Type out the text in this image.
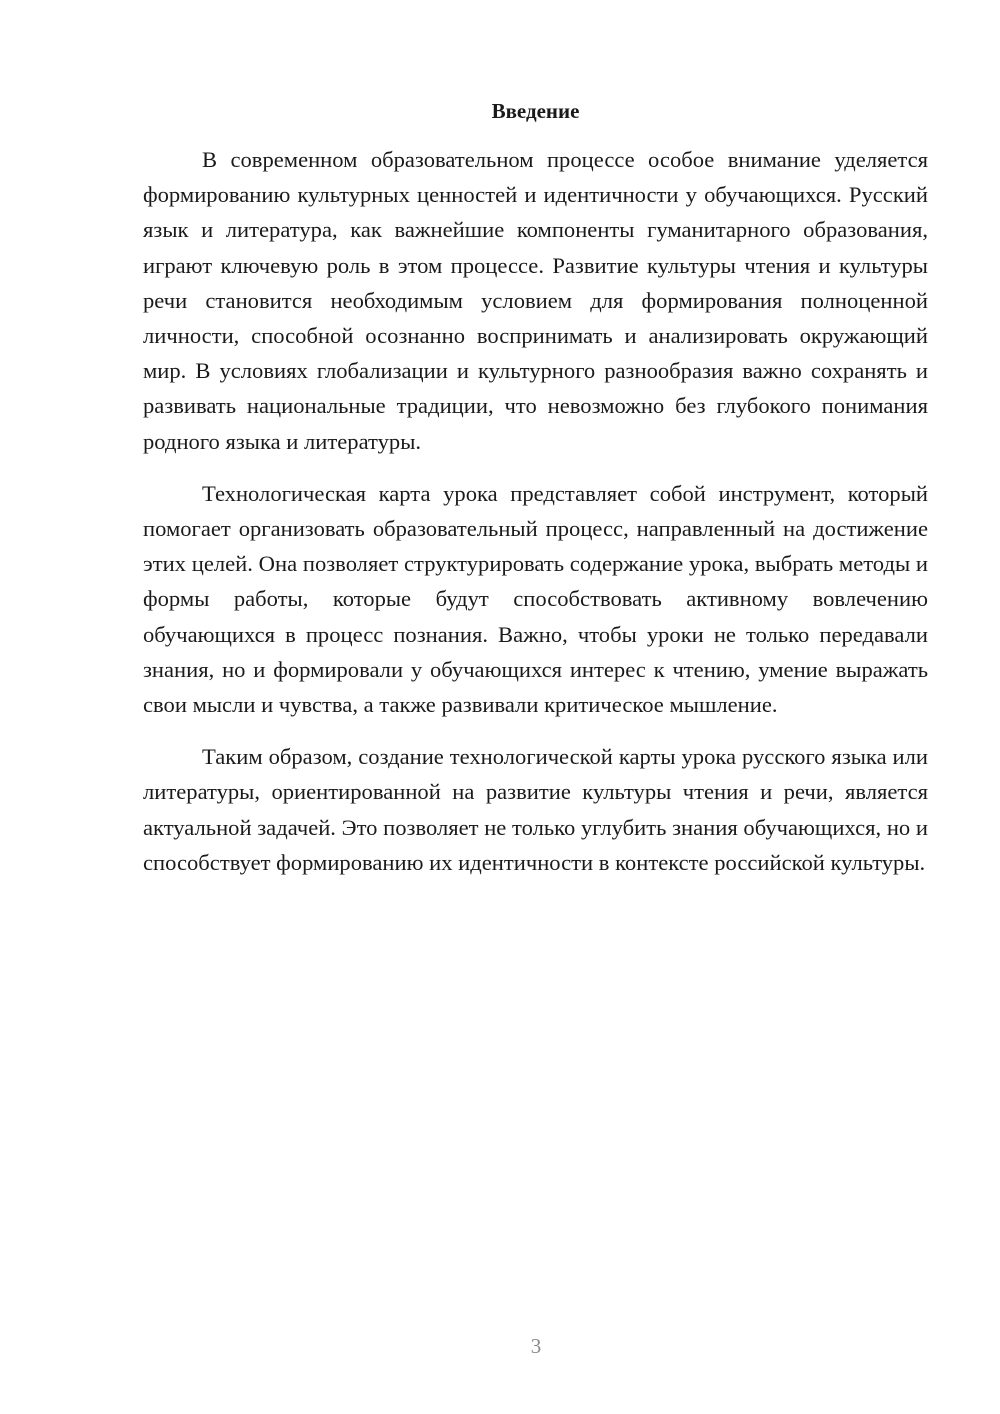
Введение

В современном образовательном процессе особое внимание уделяется формированию культурных ценностей и идентичности у обучающихся. Русский язык и литература, как важнейшие компоненты гуманитарного образования, играют ключевую роль в этом процессе. Развитие культуры чтения и культуры речи становится необходимым условием для формирования полноценной личности, способной осознанно воспринимать и анализировать окружающий мир. В условиях глобализации и культурного разнообразия важно сохранять и развивать национальные традиции, что невозможно без глубокого понимания родного языка и литературы.

Технологическая карта урока представляет собой инструмент, который помогает организовать образовательный процесс, направленный на достижение этих целей. Она позволяет структурировать содержание урока, выбрать методы и формы работы, которые будут способствовать активному вовлечению обучающихся в процесс познания. Важно, чтобы уроки не только передавали знания, но и формировали у обучающихся интерес к чтению, умение выражать свои мысли и чувства, а также развивали критическое мышление.

Таким образом, создание технологической карты урока русского языка или литературы, ориентированной на развитие культуры чтения и речи, является актуальной задачей. Это позволяет не только углубить знания обучающихся, но и способствует формированию их идентичности в контексте российской культуры.

3
